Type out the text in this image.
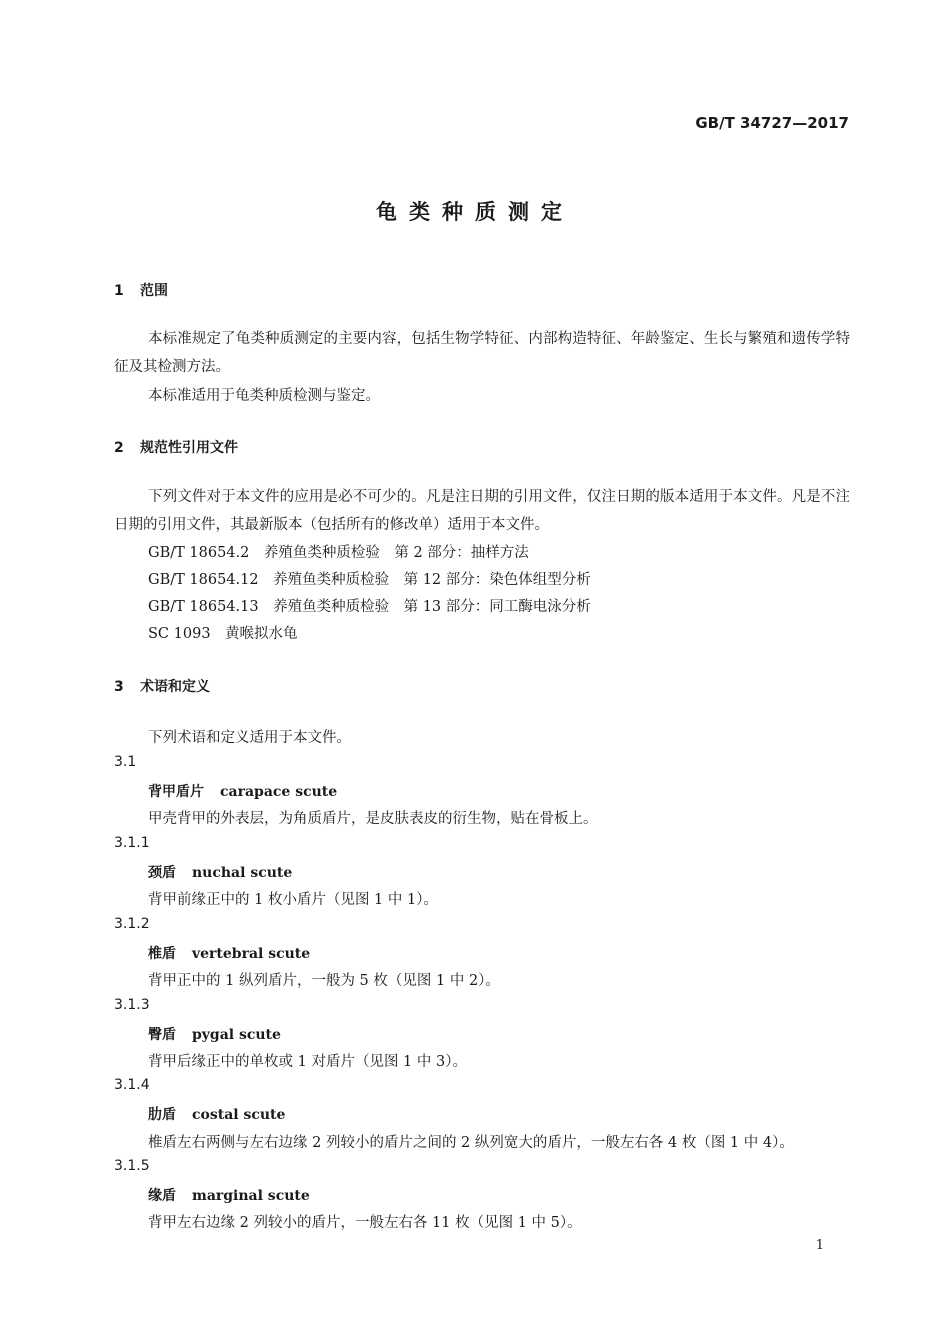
GB/T 34727—2017
龟类种质测定
1 范围
本标准规定了龟类种质测定的主要内容，包括生物学特征、内部构造特征、年龄鉴定、生长与繁殖和遗传学特征及其检测方法。
本标准适用于龟类种质检测与鉴定。
2 规范性引用文件
下列文件对于本文件的应用是必不可少的。凡是注日期的引用文件，仅注日期的版本适用于本文件。凡是不注日期的引用文件，其最新版本（包括所有的修改单）适用于本文件。
GB/T 18654.2　养殖鱼类种质检验　第 2 部分：抽样方法
GB/T 18654.12　养殖鱼类种质检验　第 12 部分：染色体组型分析
GB/T 18654.13　养殖鱼类种质检验　第 13 部分：同工酶电泳分析
SC 1093　黄喉拟水龟
3 术语和定义
下列术语和定义适用于本文件。
3.1
背甲盾片 carapace scute
甲壳背甲的外表层，为角质盾片，是皮肤表皮的衍生物，贴在骨板上。
3.1.1
颈盾 nuchal scute
背甲前缘正中的 1 枚小盾片（见图 1 中 1）。
3.1.2
椎盾 vertebral scute
背甲正中的 1 纵列盾片，一般为 5 枚（见图 1 中 2）。
3.1.3
臀盾 pygal scute
背甲后缘正中的单枚或 1 对盾片（见图 1 中 3）。
3.1.4
肋盾 costal scute
椎盾左右两侧与左右边缘 2 列较小的盾片之间的 2 纵列宽大的盾片，一般左右各 4 枚（图 1 中 4）。
3.1.5
缘盾 marginal scute
背甲左右边缘 2 列较小的盾片，一般左右各 11 枚（见图 1 中 5）。
1
